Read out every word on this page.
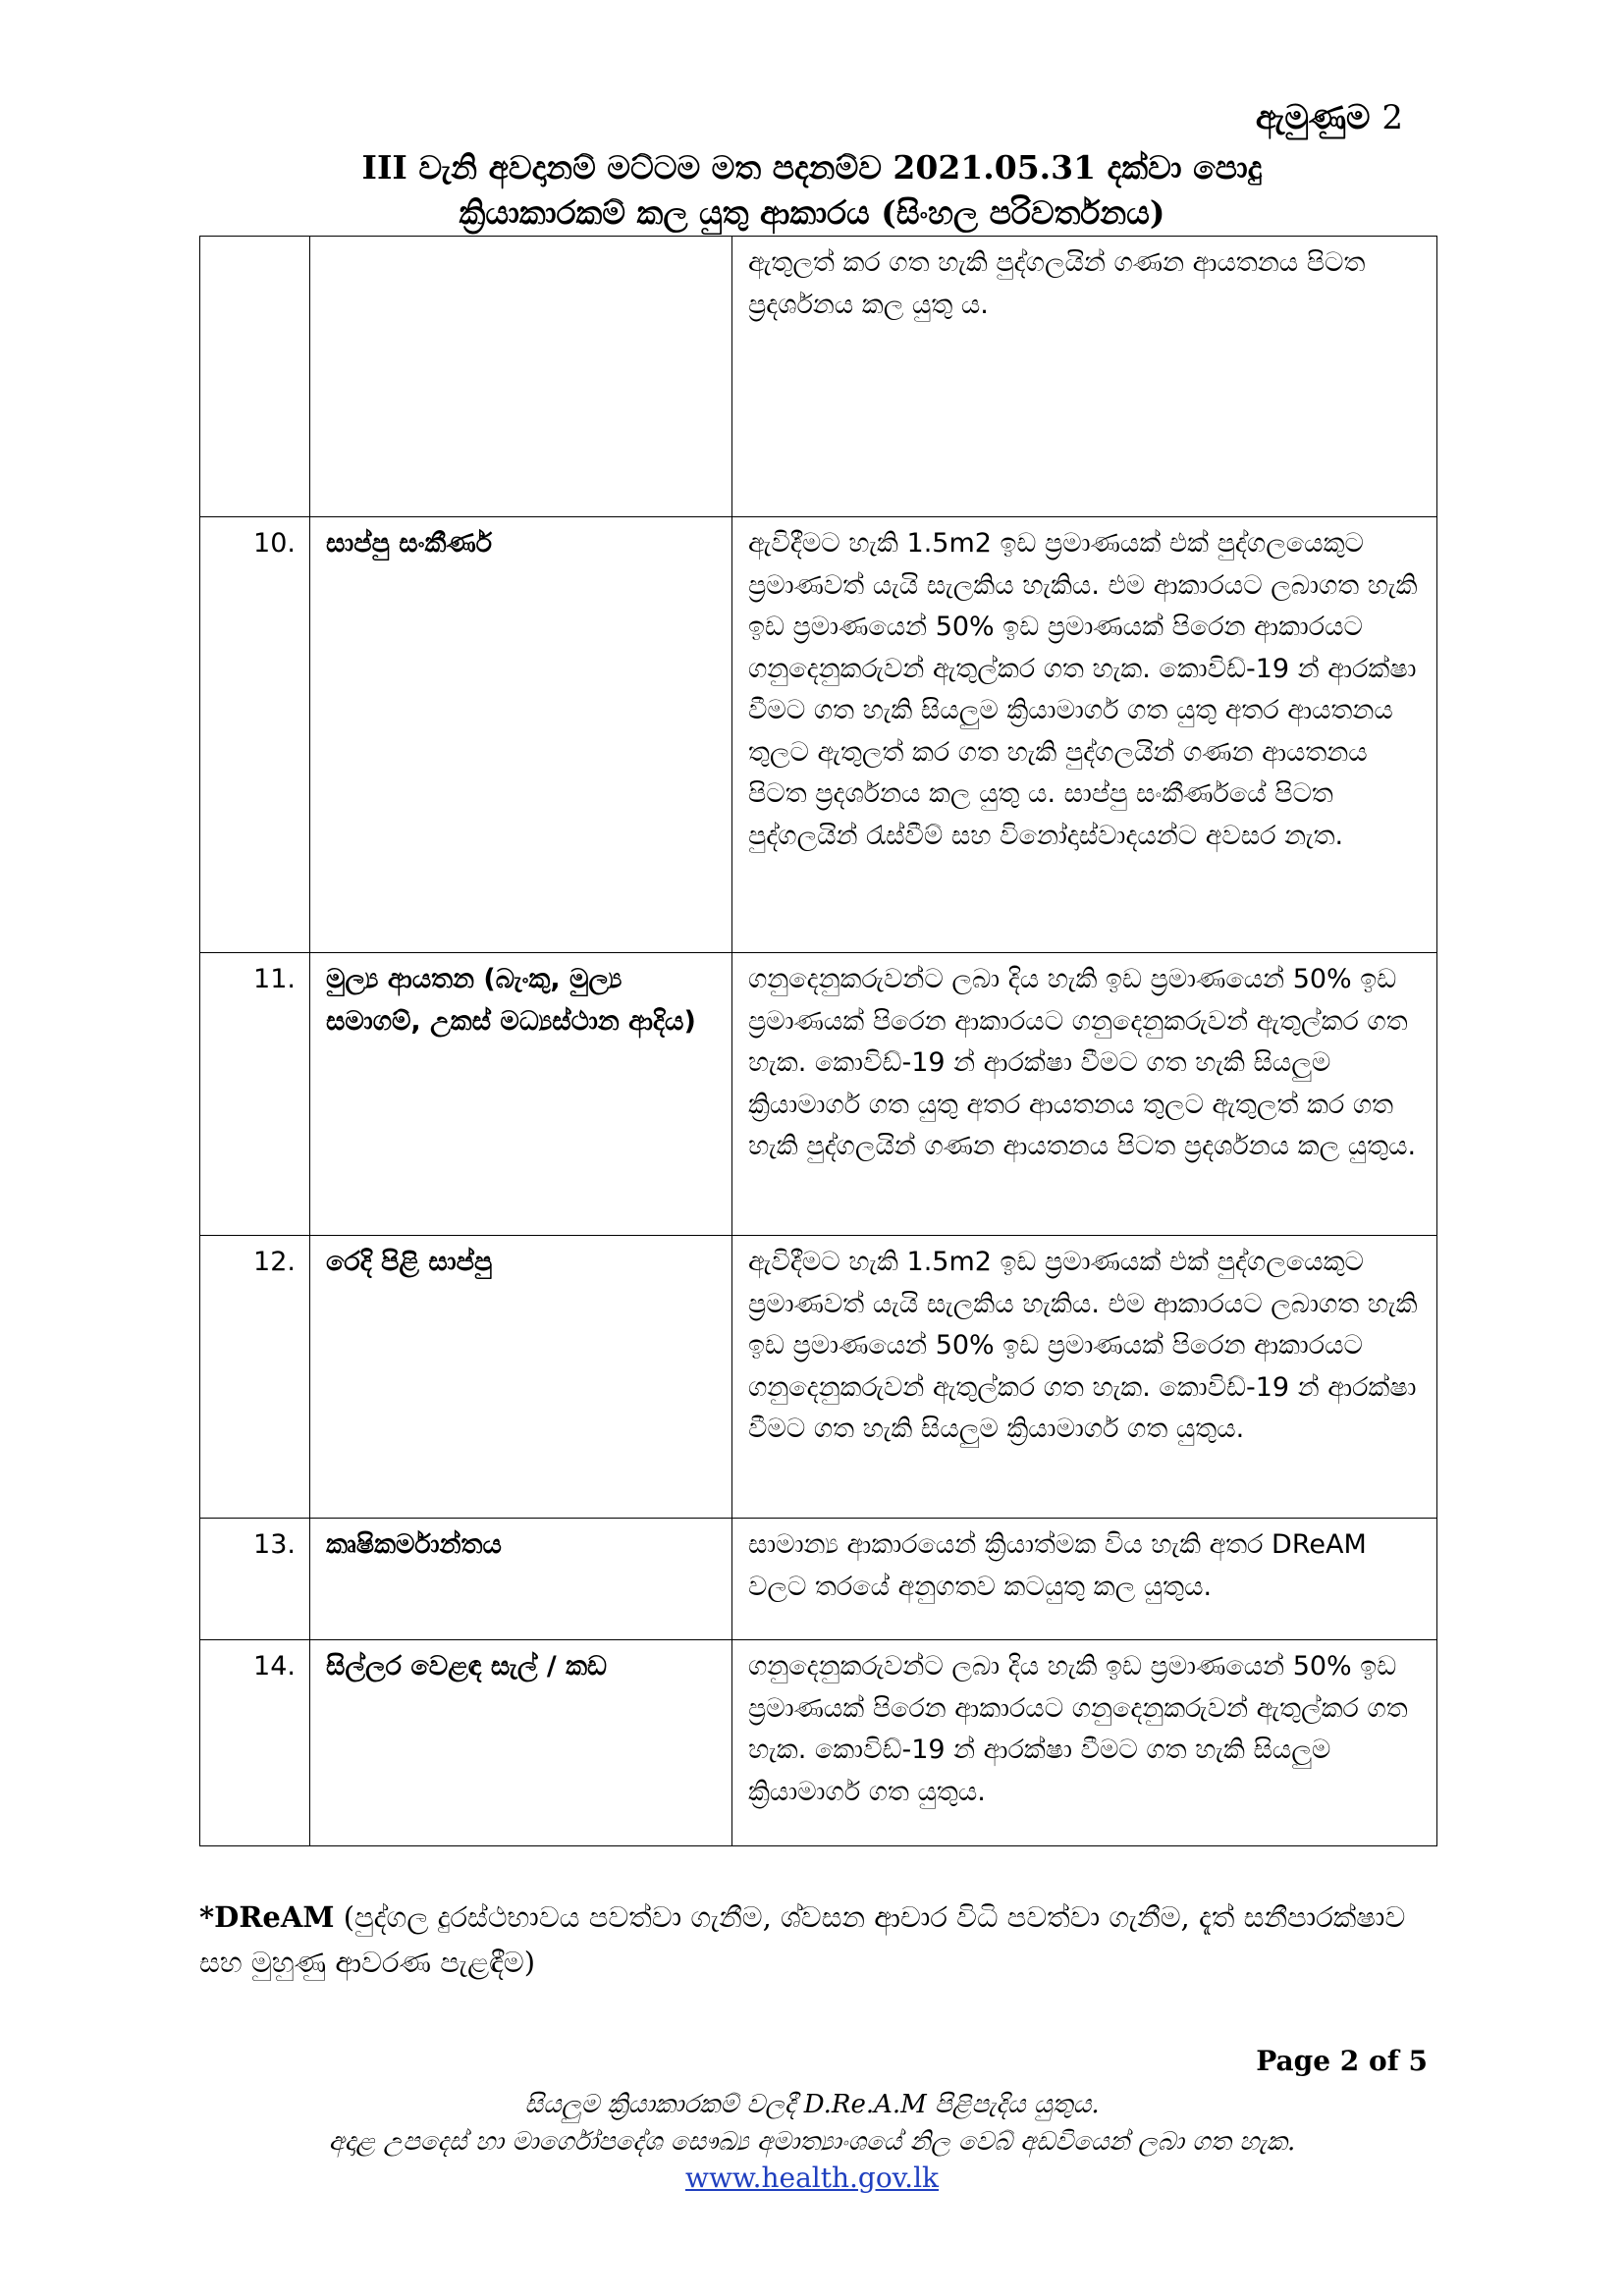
ඇමුණුම 2
III වැනි අවදානම් මට්ටම මත පදනම්ව 2021.05.31 දක්වා පොදු
ක්‍රියාකාරකම් කල යුතු ආකාරය (සිංහල පරිවර්තනය)
		ඇතුලත් කර ගත හැකි පුද්ගලයින් ගණන ආයතනය පිටත ප්‍රදර්ශනය කල යුතු ය.
10.	සාප්පු සංකීර්ණ	ඇවිදීමට හැකි 1.5m2 ඉඩ ප්‍රමාණයක් එක් පුද්ගලයෙකුට ප්‍රමාණවත් යැයි සැලකිය හැකිය. එම ආකාරයට ලබාගත හැකි ඉඩ ප්‍රමාණයෙන් 50% ඉඩ ප්‍රමාණයක් පිරෙන ආකාරයට ගනුදෙනුකරුවන් ඇතුල්කර ගත හැක. කොවිඩ්-19 න් ආරක්ෂා වීමට ගත හැකි සියලුම ක්‍රියාමාර්ග ගත යුතු අතර ආයතනය තුලට ඇතුලත් කර ගත හැකි පුද්ගලයින් ගණන ආයතනය පිටත ප්‍රදර්ශනය කල යුතු ය. සාප්පු සංකීර්ණයේ පිටත පුද්ගලයින් රැස්වීම් සහ විනෝදාස්වාදයන්ට අවසර නැත.
11.	මුල්‍ය ආයතන (බැංකු, මුල්‍ය සමාගම්, උකස් මධ්‍යස්ථාන ආදිය)	ගනුදෙනුකරුවන්ට ලබා දිය හැකි ඉඩ ප්‍රමාණයෙන් 50% ඉඩ ප්‍රමාණයක් පිරෙන ආකාරයට ගනුදෙනුකරුවන් ඇතුල්කර ගත හැක. කොවිඩ්-19 න් ආරක්ෂා වීමට ගත හැකි සියලුම ක්‍රියාමාර්ග ගත යුතු අතර ආයතනය තුලට ඇතුලත් කර ගත හැකි පුද්ගලයින් ගණන ආයතනය පිටත ප්‍රදර්ශනය කල යුතුය.
12.	රෙදි පිළි සාප්පු	ඇවිදීමට හැකි 1.5m2 ඉඩ ප්‍රමාණයක් එක් පුද්ගලයෙකුට ප්‍රමාණවත් යැයි සැලකිය හැකිය. එම ආකාරයට ලබාගත හැකි ඉඩ ප්‍රමාණයෙන් 50% ඉඩ ප්‍රමාණයක් පිරෙන ආකාරයට ගනුදෙනුකරුවන් ඇතුල්කර ගත හැක. කොවිඩ්-19 න් ආරක්ෂා වීමට ගත හැකි සියලුම ක්‍රියාමාර්ග ගත යුතුය.
13.	කෘෂිකර්මාන්තය	සාමාන්‍ය ආකාරයෙන් ක්‍රියාත්මක විය හැකි අතර DReAM වලට තරයේ අනුගතව කටයුතු කල යුතුය.
14.	සිල්ලර වෙළඳ සැල් / කඩ	ගනුදෙනුකරුවන්ට ලබා දිය හැකි ඉඩ ප්‍රමාණයෙන් 50% ඉඩ ප්‍රමාණයක් පිරෙන ආකාරයට ගනුදෙනුකරුවන් ඇතුල්කර ගත හැක. කොවිඩ්-19 න් ආරක්ෂා වීමට ගත හැකි සියලුම ක්‍රියාමාර්ග ගත යුතුය.
*DReAM (පුද්ගල දුරස්ථභාවය පවත්වා ගැනීම, ශ්වසන ආචාර විධි පවත්වා ගැනීම, දැත් සනීපාරක්ෂාව සහ මුහුණු ආවරණ පැළඳීම)
Page 2 of 5
සියලුම ක්‍රියාකාරකම් වලදී D.Re.A.M පිළිපැදිය යුතුය.
අදාළ උපදෙස් හා මාර්ගෝපදේශ සෞඛ්‍ය අමාත්‍යාංශයේ නිල වෙබ් අඩවියෙන් ලබා ගත හැක.
www.health.gov.lk
